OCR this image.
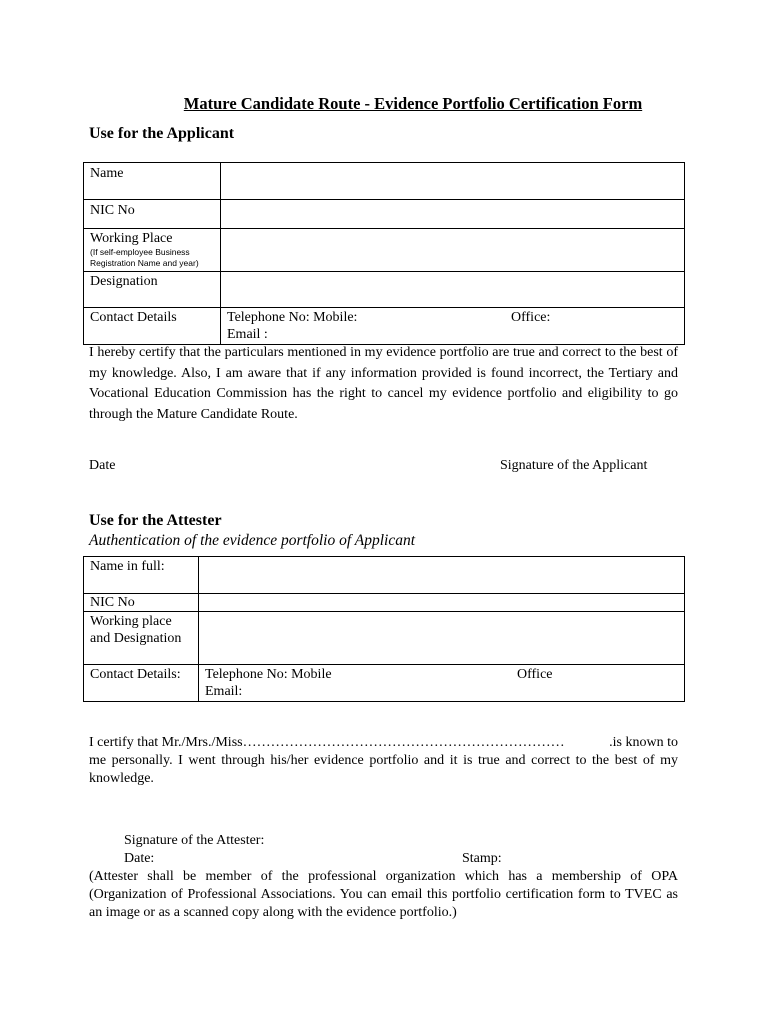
Mature Candidate Route - Evidence Portfolio Certification Form
Use for the Applicant
Name	
NIC No	

Working Place
(If self-employee Business
Registration Name and year)	

Designation	
Contact Details	Telephone No: Mobile: Office:
Email :
I hereby certify that the particulars mentioned in my evidence portfolio are true and correct to the best of my knowledge. Also, I am aware that if any information provided is found incorrect, the Tertiary and Vocational Education Commission has the right to cancel my evidence portfolio and eligibility to go through the Mature Candidate Route.
Date	Signature of the Applicant
Use for the Attester
Authentication of the evidence portfolio of Applicant
Name in full:	
NIC No	

Working place
and Designation	

Contact Details:	Telephone No: Mobile Office
Email:
I certify that Mr./Mrs./Miss ……………………………………………………………	.is known to
me personally. I went through his/her evidence portfolio and it is true and correct to the best of my knowledge.
Signature of the Attester:
Date:	Stamp:
(Attester shall be member of the professional organization which has a membership of OPA (Organization of Professional Associations. You can email this portfolio certification form to TVEC as an image or as a scanned copy along with the evidence portfolio.)
